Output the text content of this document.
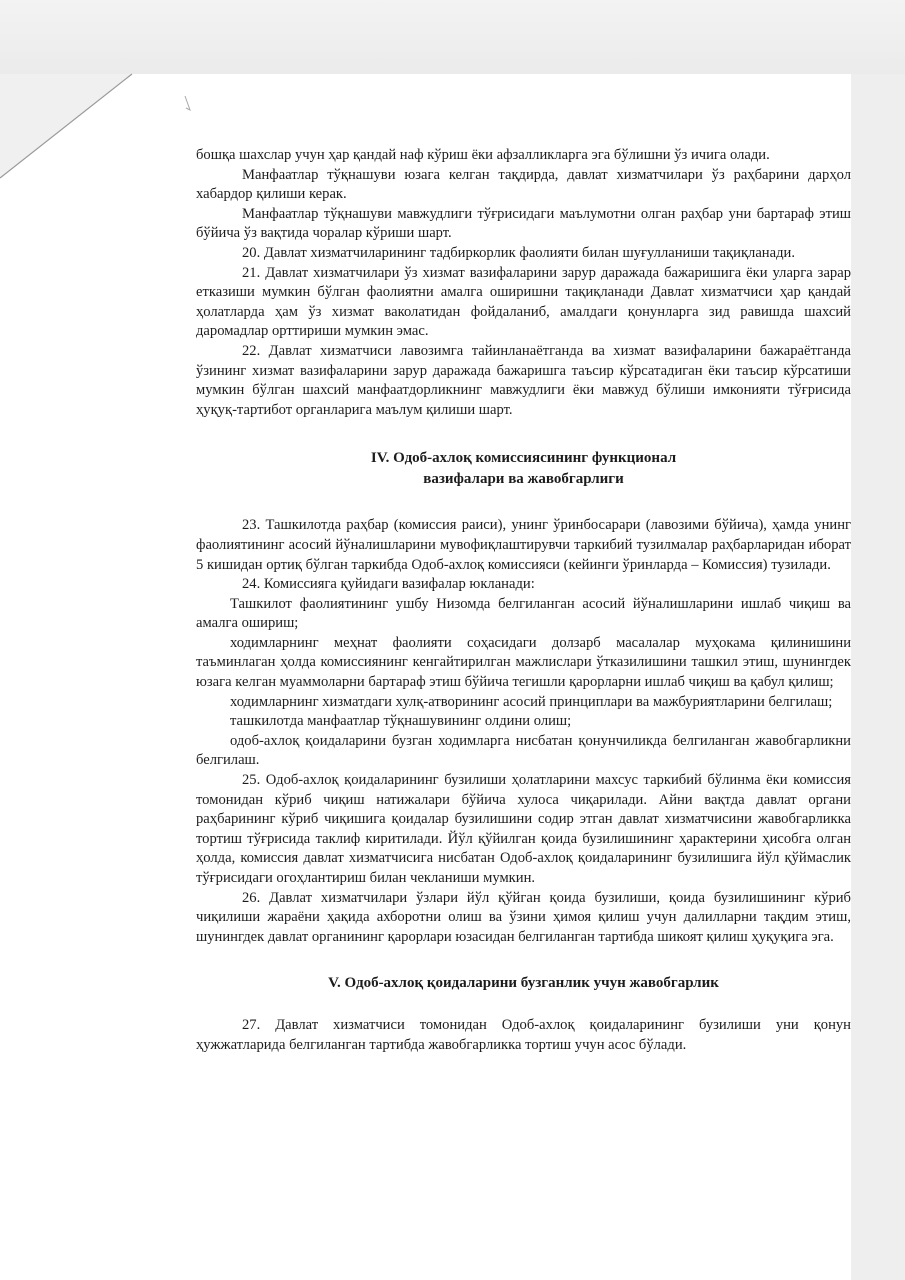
бошқа шахслар учун ҳар қандай наф кўриш ёки афзалликларга эга бўлишни ўз ичига олади.

Манфаатлар тўқнашуви юзага келган тақдирда, давлат хизматчилари ўз раҳбарини дарҳол хабардор қилиши керак.

Манфаатлар тўқнашуви мавжудлиги тўғрисидаги маълумотни олган раҳбар уни бартараф этиш бўйича ўз вақтида чоралар кўриши шарт.

20. Давлат хизматчиларининг тадбиркорлик фаолияти билан шуғулланиши тақиқланади.

21. Давлат хизматчилари ўз хизмат вазифаларини зарур даражада бажаришига ёки уларга зарар етказиши мумкин бўлган фаолиятни амалга оширишни тақиқланади Давлат хизматчиси ҳар қандай ҳолатларда ҳам ўз хизмат ваколатидан фойдаланиб, амалдаги қонунларга зид равишда шахсий даромадлар орттириши мумкин эмас.

22. Давлат хизматчиси лавозимга тайинланаётганда ва хизмат вазифаларини бажараётганда ўзининг хизмат вазифаларини зарур даражада бажаришга таъсир кўрсатадиган ёки таъсир кўрсатиши мумкин бўлган шахсий манфаатдорликнинг мавжудлиги ёки мавжуд бўлиши имконияти тўғрисида ҳуқуқ-тартибот органларига маълум қилиши шарт.

IV. Одоб-ахлоқ комиссиясининг функционал
вазифалари ва жавобгарлиги

23. Ташкилотда раҳбар (комиссия раиси), унинг ўринбосарари (лавозими бўйича), ҳамда унинг фаолиятининг асосий йўналишларини мувофиқлаштирувчи таркибий тузилмалар раҳбарларидан иборат 5 кишидан ортиқ бўлган таркибда Одоб-ахлоқ комиссияси (кейинги ўринларда – Комиссия) тузилади.

24. Комиссияга қуйидаги вазифалар юкланади:

Ташкилот фаолиятининг ушбу Низомда белгиланган асосий йўналишларини ишлаб чиқиш ва амалга ошириш;

ходимларнинг меҳнат фаолияти соҳасидаги долзарб масалалар муҳокама қилинишини таъминлаган ҳолда комиссиянинг кенгайтирилган мажлислари ўтказилишини ташкил этиш, шунингдек юзага келган муаммоларни бартараф этиш бўйича тегишли қарорларни ишлаб чиқиш ва қабул қилиш;

ходимларнинг хизматдаги хулқ-атворининг асосий принциплари ва мажбуриятларини белгилаш;

ташкилотда манфаатлар тўқнашувининг олдини олиш;

одоб-ахлоқ қоидаларини бузган ходимларга нисбатан қонунчиликда белгиланган жавобгарликни белгилаш.

25. Одоб-ахлоқ қоидаларининг бузилиши ҳолатларини махсус таркибий бўлинма ёки комиссия томонидан кўриб чиқиш натижалари бўйича хулоса чиқарилади. Айни вақтда давлат органи раҳбарининг кўриб чиқишига қоидалар бузилишини содир этган давлат хизматчисини жавобгарликка тортиш тўғрисида таклиф киритилади. Йўл қўйилган қоида бузилишининг ҳарактерини ҳисобга олган ҳолда, комиссия давлат хизматчисига нисбатан Одоб-ахлоқ қоидаларининг бузилишига йўл қўймаслик тўғрисидаги огоҳлантириш билан чекланиши мумкин.

26. Давлат хизматчилари ўзлари йўл қўйган қоида бузилиши, қоида бузилишининг кўриб чиқилиши жараёни ҳақида ахборотни олиш ва ўзини ҳимоя қилиш учун далилларни тақдим этиш, шунингдек давлат органининг қарорлари юзасидан белгиланган тартибда шикоят қилиш ҳуқуқига эга.

V. Одоб-ахлоқ қоидаларини бузганлик учун жавобгарлик

27. Давлат хизматчиси томонидан Одоб-ахлоқ қоидаларининг бузилиши уни қонун ҳужжатларида белгиланган тартибда жавобгарликка тортиш учун асос бўлади.
